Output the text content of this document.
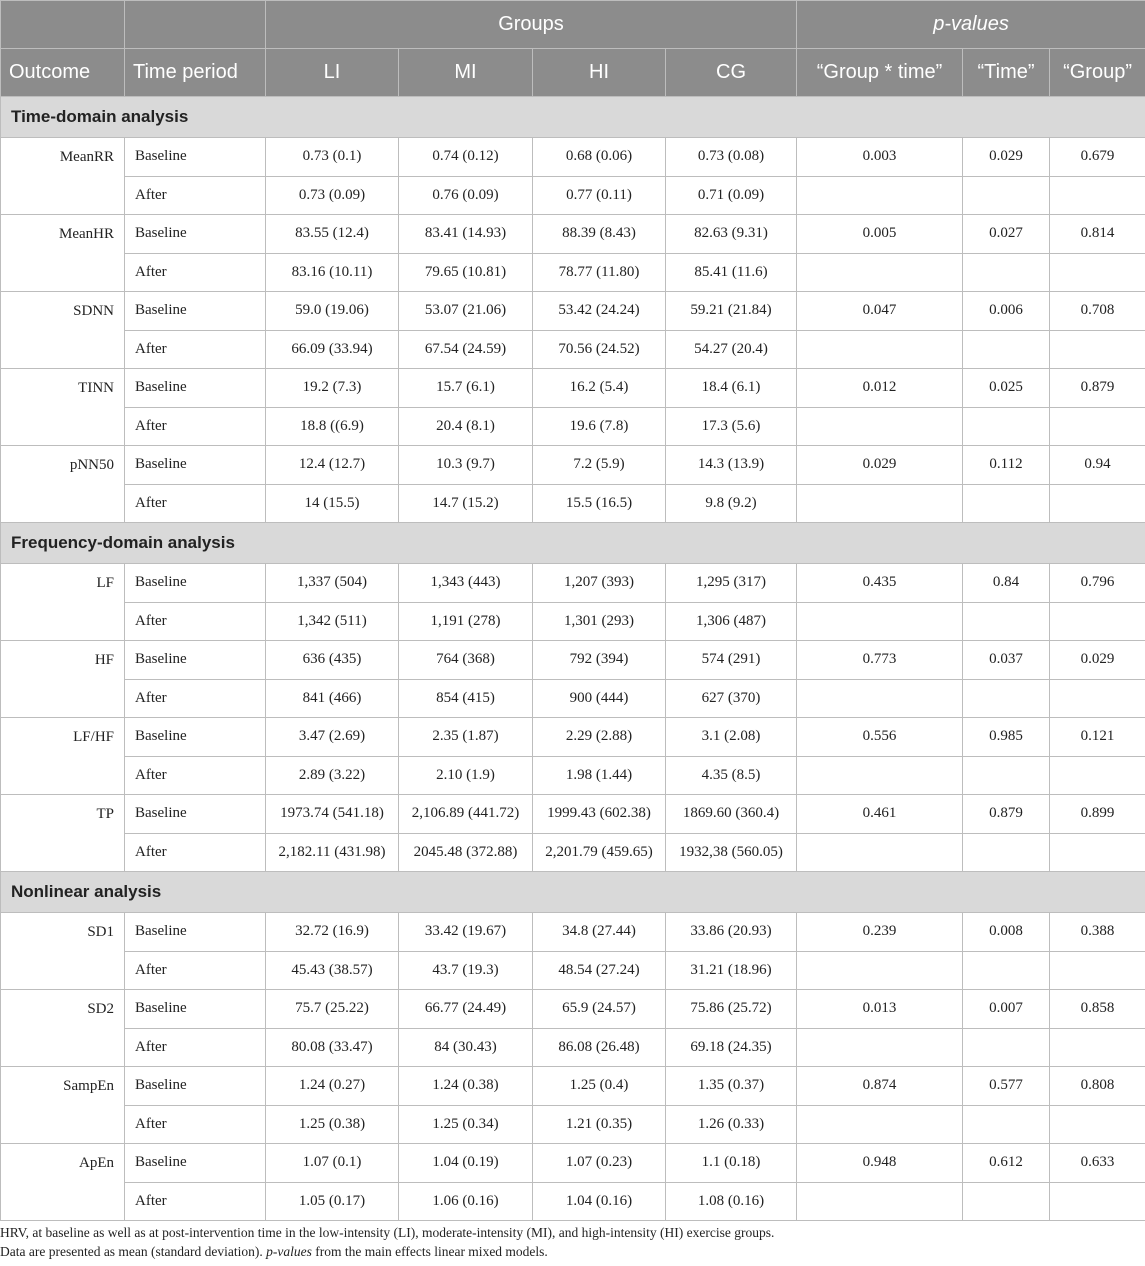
		Groups				p-values		
Outcome	Time period	LI	MI	HI	CG	“Group * time”	“Time”	“Group”
Time-domain analysis								
MeanRR	Baseline	0.73 (0.1)	0.74 (0.12)	0.68 (0.06)	0.73 (0.08)	0.003	0.029	0.679
	After	0.73 (0.09)	0.76 (0.09)	0.77 (0.11)	0.71 (0.09)			
MeanHR	Baseline	83.55 (12.4)	83.41 (14.93)	88.39 (8.43)	82.63 (9.31)	0.005	0.027	0.814
	After	83.16 (10.11)	79.65 (10.81)	78.77 (11.80)	85.41 (11.6)			
SDNN	Baseline	59.0 (19.06)	53.07 (21.06)	53.42 (24.24)	59.21 (21.84)	0.047	0.006	0.708
	After	66.09 (33.94)	67.54 (24.59)	70.56 (24.52)	54.27 (20.4)			
TINN	Baseline	19.2 (7.3)	15.7 (6.1)	16.2 (5.4)	18.4 (6.1)	0.012	0.025	0.879
	After	18.8 ((6.9)	20.4 (8.1)	19.6 (7.8)	17.3 (5.6)			
pNN50	Baseline	12.4 (12.7)	10.3 (9.7)	7.2 (5.9)	14.3 (13.9)	0.029	0.112	0.94
	After	14 (15.5)	14.7 (15.2)	15.5 (16.5)	9.8 (9.2)			
Frequency-domain analysis								
LF	Baseline	1,337 (504)	1,343 (443)	1,207 (393)	1,295 (317)	0.435	0.84	0.796
	After	1,342 (511)	1,191 (278)	1,301 (293)	1,306 (487)			
HF	Baseline	636 (435)	764 (368)	792 (394)	574 (291)	0.773	0.037	0.029
	After	841 (466)	854 (415)	900 (444)	627 (370)			
LF/HF	Baseline	3.47 (2.69)	2.35 (1.87)	2.29 (2.88)	3.1 (2.08)	0.556	0.985	0.121
	After	2.89 (3.22)	2.10 (1.9)	1.98 (1.44)	4.35 (8.5)			
TP	Baseline	1973.74 (541.18)	2,106.89 (441.72)	1999.43 (602.38)	1869.60 (360.4)	0.461	0.879	0.899
	After	2,182.11 (431.98)	2045.48 (372.88)	2,201.79 (459.65)	1932,38 (560.05)			
Nonlinear analysis								
SD1	Baseline	32.72 (16.9)	33.42 (19.67)	34.8 (27.44)	33.86 (20.93)	0.239	0.008	0.388
	After	45.43 (38.57)	43.7 (19.3)	48.54 (27.24)	31.21 (18.96)			
SD2	Baseline	75.7 (25.22)	66.77 (24.49)	65.9 (24.57)	75.86 (25.72)	0.013	0.007	0.858
	After	80.08 (33.47)	84 (30.43)	86.08 (26.48)	69.18 (24.35)			
SampEn	Baseline	1.24 (0.27)	1.24 (0.38)	1.25 (0.4)	1.35 (0.37)	0.874	0.577	0.808
	After	1.25 (0.38)	1.25 (0.34)	1.21 (0.35)	1.26 (0.33)			
ApEn	Baseline	1.07 (0.1)	1.04 (0.19)	1.07 (0.23)	1.1 (0.18)	0.948	0.612	0.633
	After	1.05 (0.17)	1.06 (0.16)	1.04 (0.16)	1.08 (0.16)			

HRV, at baseline as well as at post-intervention time in the low-intensity (LI), moderate-intensity (MI), and high-intensity (HI) exercise groups.

Data are presented as mean (standard deviation). p-values from the main effects linear mixed models.
